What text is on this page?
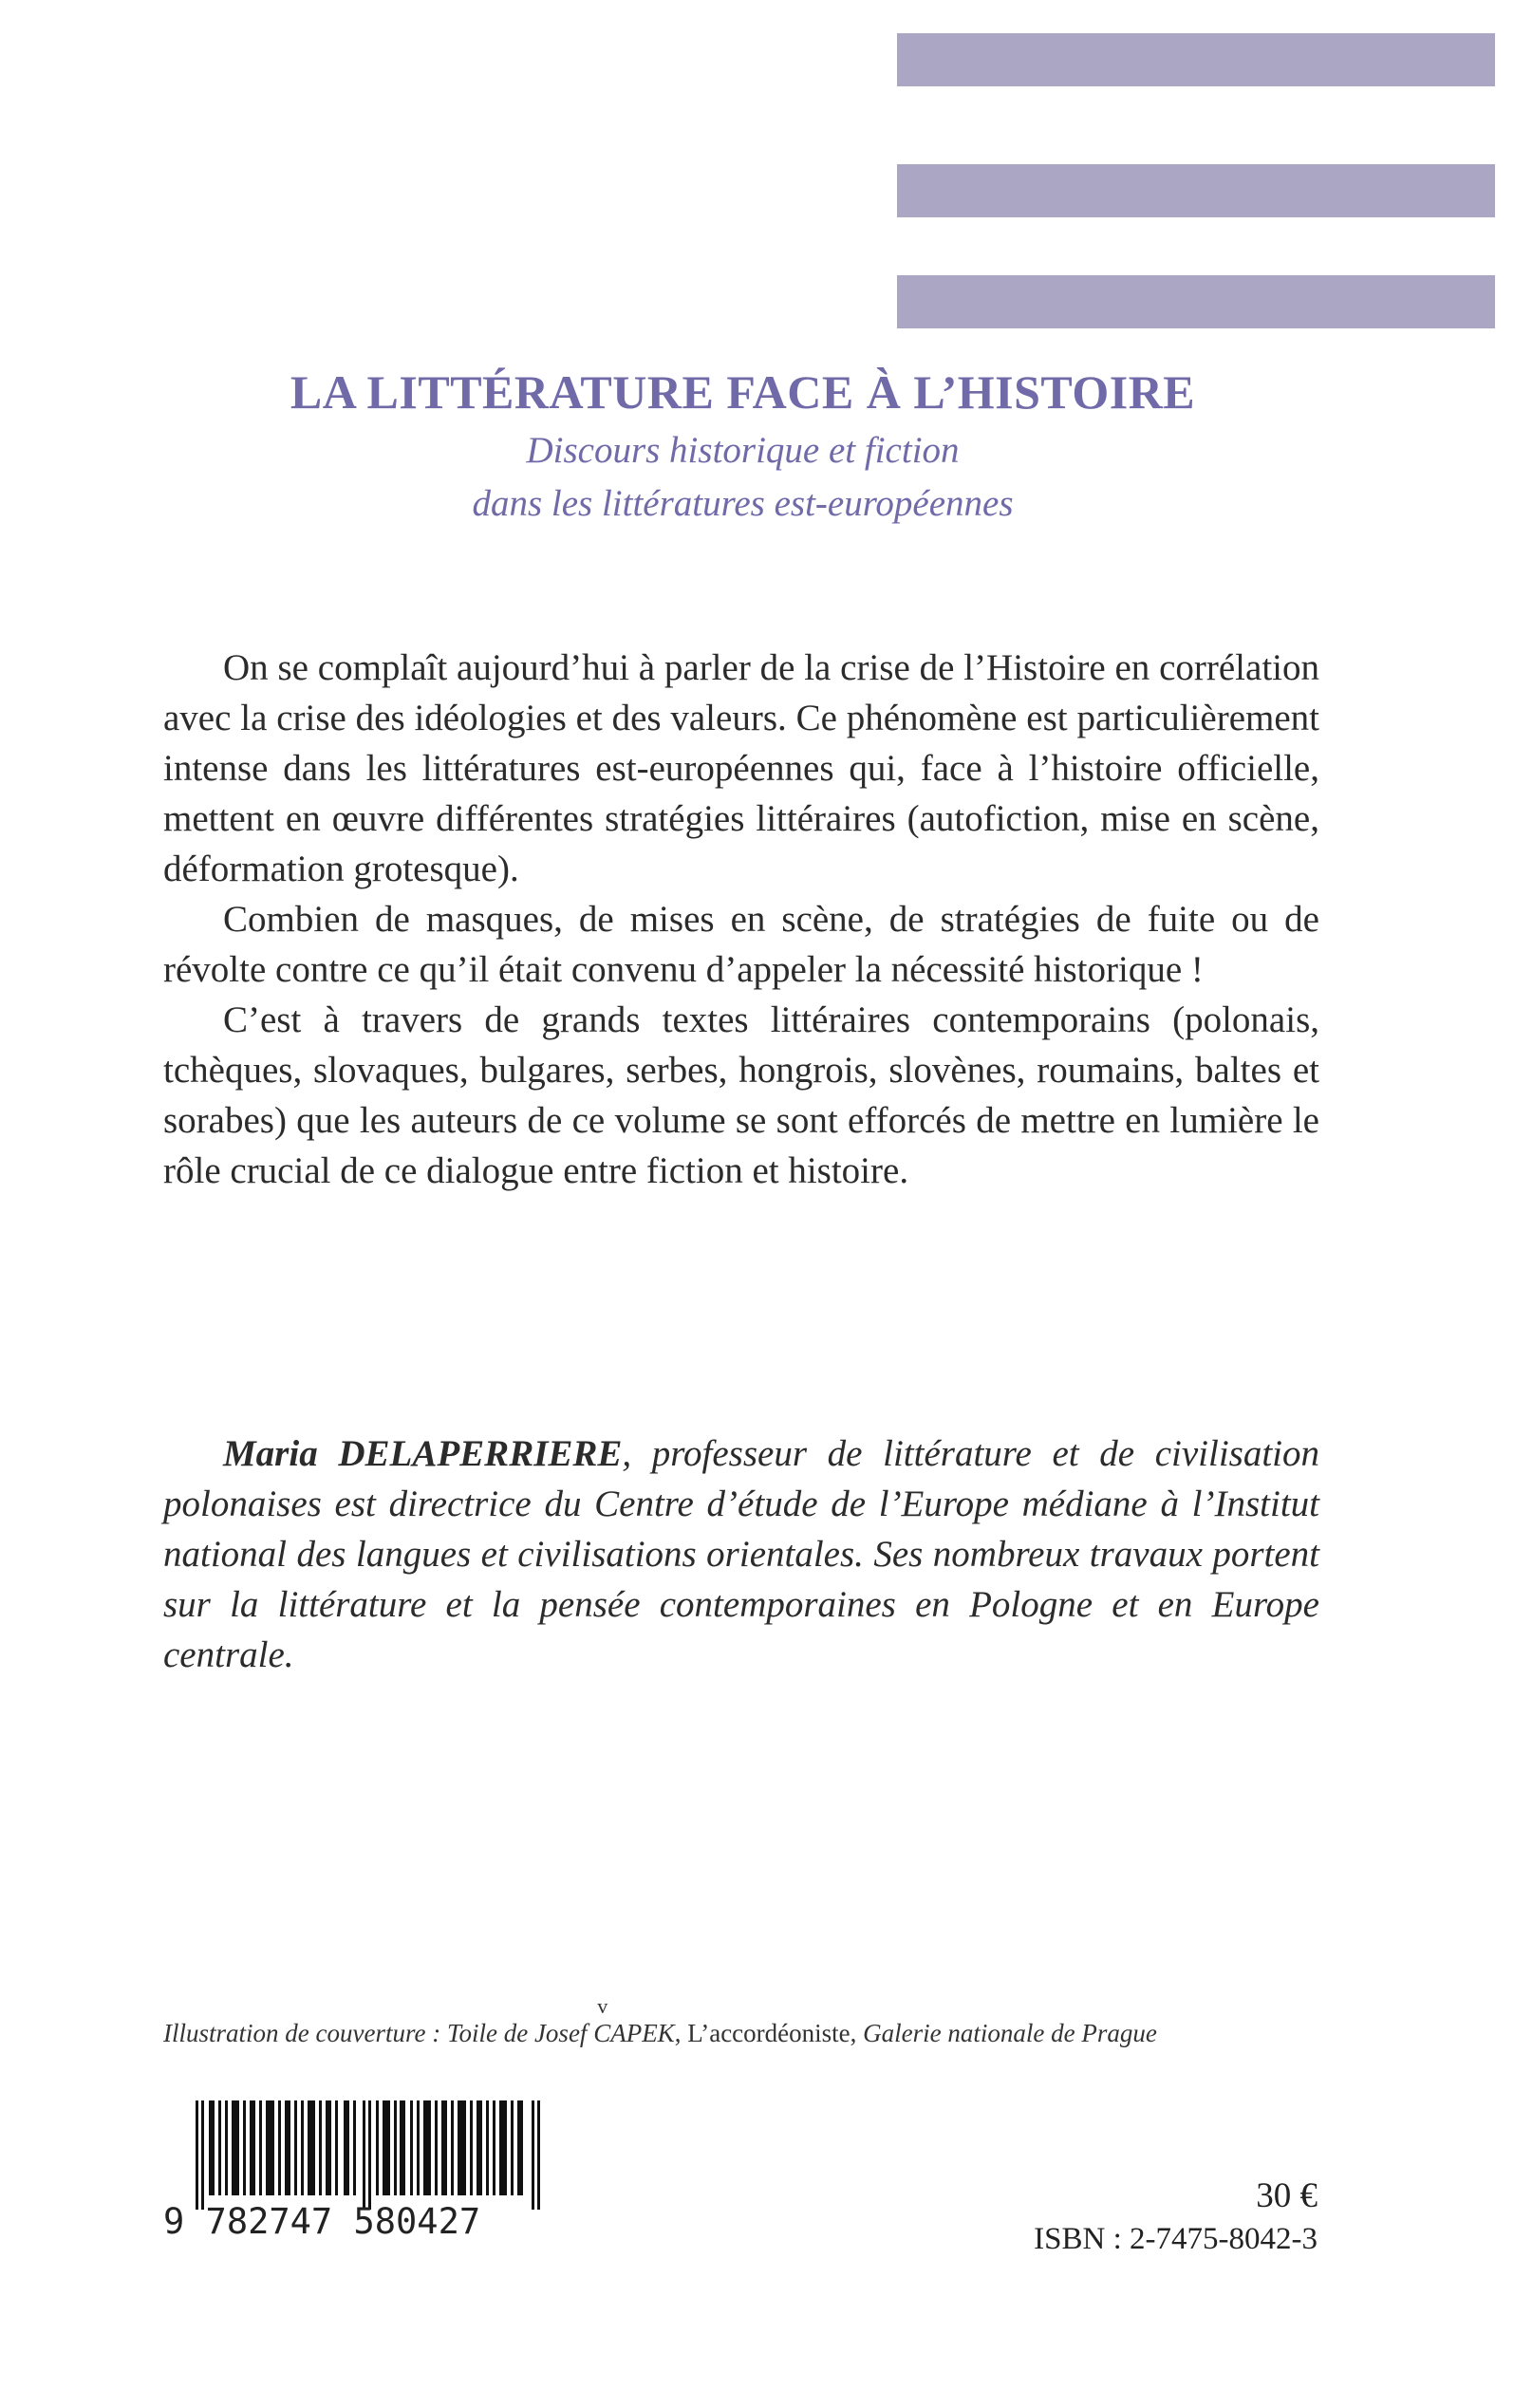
LA LITTÉRATURE FACE À L’HISTOIRE
Discours historique et fiction
dans les littératures est-européennes

On se complaît aujourd’hui à parler de la crise de l’Histoire en corrélation avec la crise des idéologies et des valeurs. Ce phénomène est particulièrement intense dans les littératures est-européennes qui, face à l’histoire officielle, mettent en œuvre différentes stratégies littéraires (autofiction, mise en scène, déformation grotesque).

Combien de masques, de mises en scène, de stratégies de fuite ou de révolte contre ce qu’il était convenu d’appeler la nécessité historique !

C’est à travers de grands textes littéraires contemporains (polonais, tchèques, slovaques, bulgares, serbes, hongrois, slovènes, roumains, baltes et sorabes) que les auteurs de ce volume se sont efforcés de mettre en lumière le rôle crucial de ce dialogue entre fiction et histoire.

Maria DELAPERRIERE, professeur de littérature et de civilisation polonaises est directrice du Centre d’étude de l’Europe médiane à l’Institut national des langues et civilisations orientales. Ses nombreux travaux portent sur la littérature et la pensée contemporaines en Pologne et en Europe centrale.
Illustration de couverture : Toile de Josef v CAPEK, L’accordéoniste, Galerie nationale de Prague
9 782747 580427
30 €
ISBN : 2-7475-8042-3
